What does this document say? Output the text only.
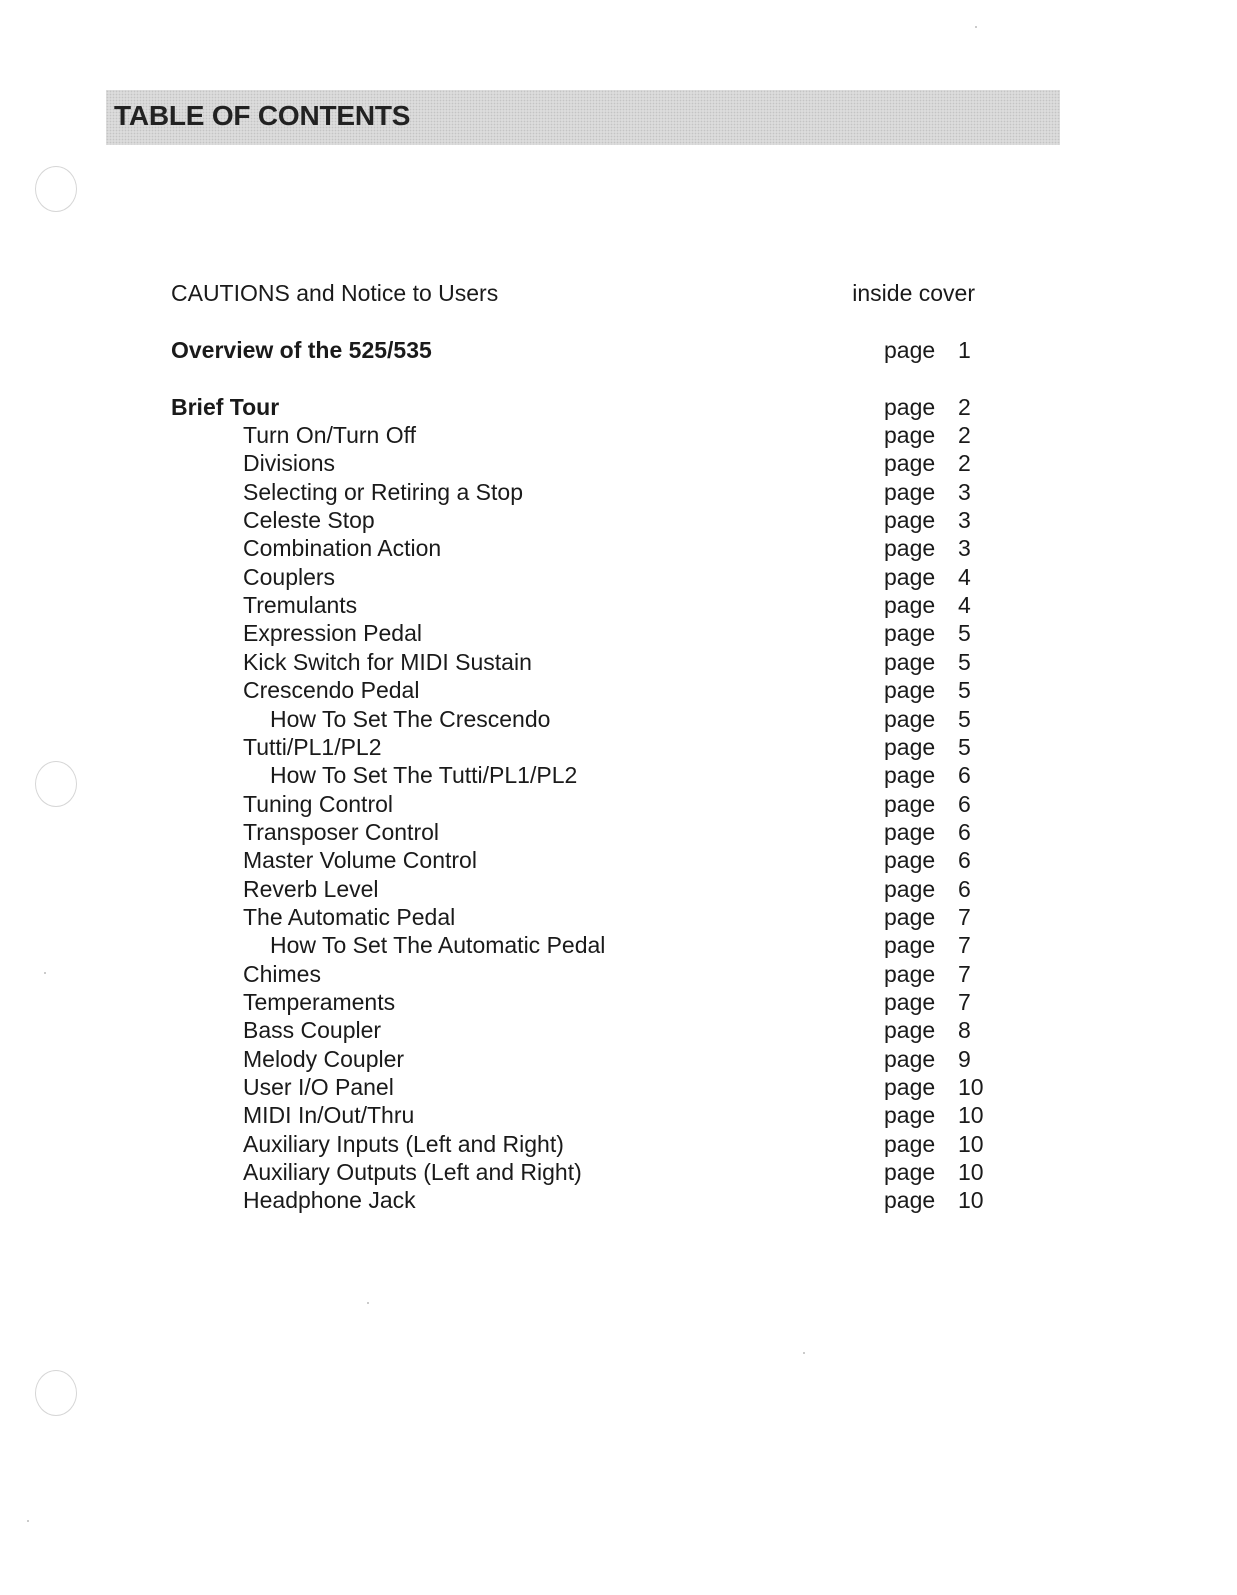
TABLE OF CONTENTS
CAUTIONS and Notice to Users	inside cover
Overview of the 525/535	page 1
Brief Tour	page 2
Turn On/Turn Off	page 2
Divisions	page 2
Selecting or Retiring a Stop	page 3
Celeste Stop	page 3
Combination Action	page 3
Couplers	page 4
Tremulants	page 4
Expression Pedal	page 5
Kick Switch for MIDI Sustain	page 5
Crescendo Pedal	page 5
How To Set The Crescendo	page 5
Tutti/PL1/PL2	page 5
How To Set The Tutti/PL1/PL2	page 6
Tuning Control	page 6
Transposer Control	page 6
Master Volume Control	page 6
Reverb Level	page 6
The Automatic Pedal	page 7
How To Set The Automatic Pedal	page 7
Chimes	page 7
Temperaments	page 7
Bass Coupler	page 8
Melody Coupler	page 9
User I/O Panel	page 10
MIDI In/Out/Thru	page 10
Auxiliary Inputs (Left and Right)	page 10
Auxiliary Outputs (Left and Right)	page 10
Headphone Jack	page 10
